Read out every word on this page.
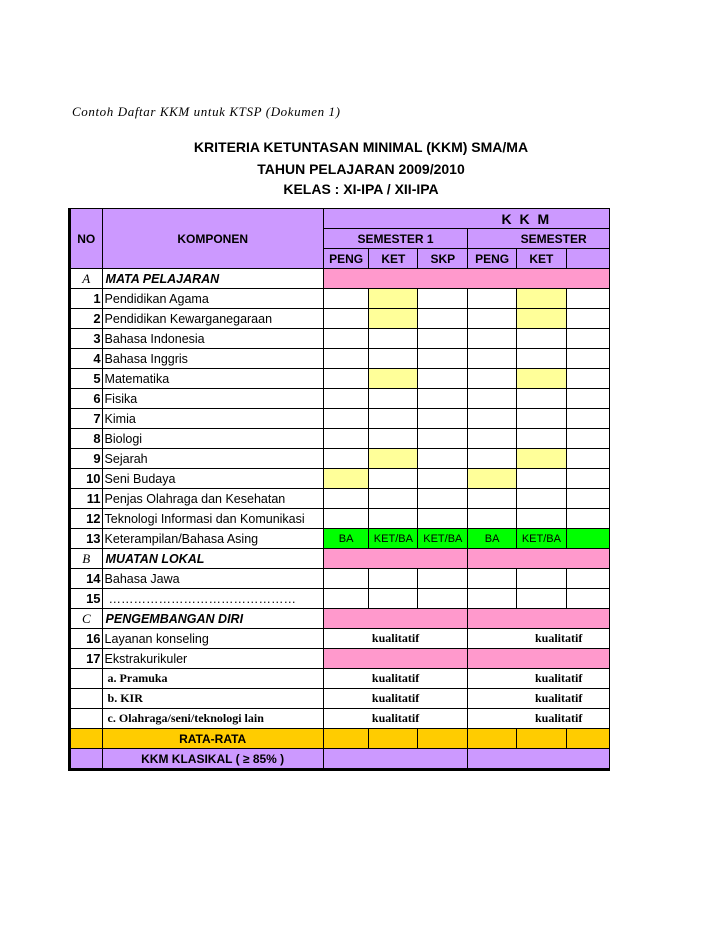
Contoh Daftar KKM untuk KTSP (Dokumen 1)
KRITERIA KETUNTASAN MINIMAL (KKM) SMA/MA
TAHUN PELAJARAN 2009/2010
KELAS : XI-IPA / XII-IPA
		K K M					
NO	KOMPONEN	SEMESTER 1			SEMESTER		
		PENG	KET	SKP	PENG	KET	
A	MATA PELAJARAN						
1	Pendidikan Agama						
2	Pendidikan Kewarganegaraan						
3	Bahasa Indonesia						
4	Bahasa Inggris						
5	Matematika						
6	Fisika						
7	Kimia						
8	Biologi						
9	Sejarah						
10	Seni Budaya						
11	Penjas Olahraga dan Kesehatan						
12	Teknologi Informasi dan Komunikasi						
13	Keterampilan/Bahasa Asing	BA	KET/BA	KET/BA	BA	KET/BA	
B	MUATAN LOKAL						
14	Bahasa Jawa						
15	………………………………………						
C	PENGEMBANGAN DIRI						
16	Layanan konseling	kualitatif			kualitatif		
17	Ekstrakurikuler						
	a. Pramuka	kualitatif			kualitatif		
	b. KIR	kualitatif			kualitatif		
	c. Olahraga/seni/teknologi lain	kualitatif			kualitatif		
	RATA-RATA						
	KKM KLASIKAL ( ≥ 85% )						
